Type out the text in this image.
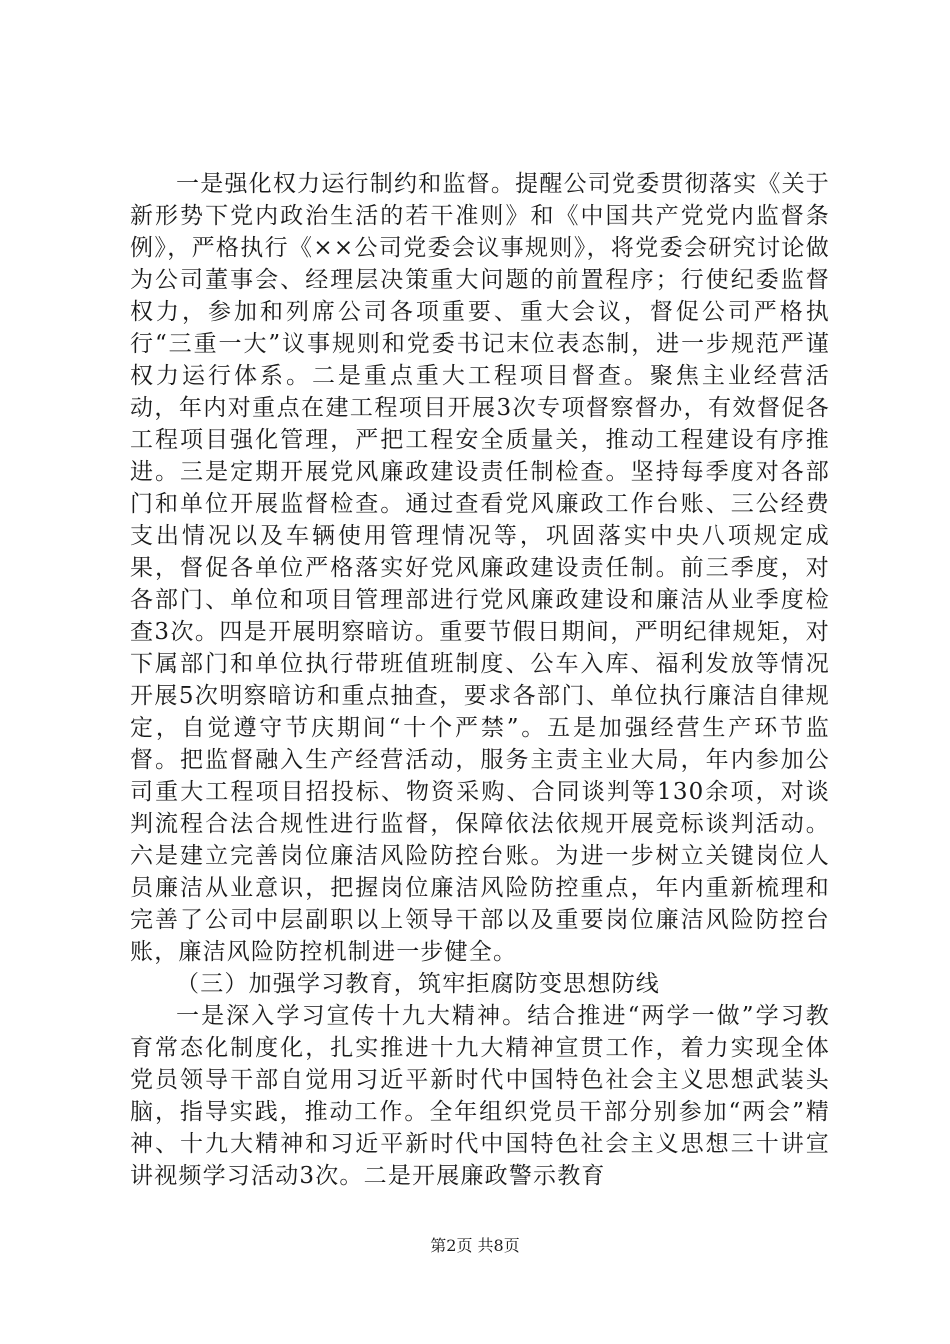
一是强化权力运行制约和监督。提醒公司党委贯彻落实《关于新形势下党内政治生活的若干准则》和《中国共产党党内监督条例》，严格执行《××公司党委会议事规则》，将党委会研究讨论做为公司董事会、经理层决策重大问题的前置程序；行使纪委监督权力，参加和列席公司各项重要、重大会议，督促公司严格执行“三重一大”议事规则和党委书记末位表态制，进一步规范严谨权力运行体系。二是重点重大工程项目督查。聚焦主业经营活动，年内对重点在建工程项目开展3次专项督察督办，有效督促各工程项目强化管理，严把工程安全质量关，推动工程建设有序推进。三是定期开展党风廉政建设责任制检查。坚持每季度对各部门和单位开展监督检查。通过查看党风廉政工作台账、三公经费支出情况以及车辆使用管理情况等，巩固落实中央八项规定成果，督促各单位严格落实好党风廉政建设责任制。前三季度，对各部门、单位和项目管理部进行党风廉政建设和廉洁从业季度检查3次。四是开展明察暗访。重要节假日期间，严明纪律规矩，对下属部门和单位执行带班值班制度、公车入库、福利发放等情况开展5次明察暗访和重点抽查，要求各部门、单位执行廉洁自律规定，自觉遵守节庆期间“十个严禁”。五是加强经营生产环节监督。把监督融入生产经营活动，服务主责主业大局，年内参加公司重大工程项目招投标、物资采购、合同谈判等130余项，对谈判流程合法合规性进行监督，保障依法依规开展竞标谈判活动。六是建立完善岗位廉洁风险防控台账。为进一步树立关键岗位人员廉洁从业意识，把握岗位廉洁风险防控重点，年内重新梳理和完善了公司中层副职以上领导干部以及重要岗位廉洁风险防控台账，廉洁风险防控机制进一步健全。

（三）加强学习教育，筑牢拒腐防变思想防线

一是深入学习宣传十九大精神。结合推进“两学一做”学习教育常态化制度化，扎实推进十九大精神宣贯工作，着力实现全体党员领导干部自觉用习近平新时代中国特色社会主义思想武装头脑，指导实践，推动工作。全年组织党员干部分别参加“两会”精神、十九大精神和习近平新时代中国特色社会主义思想三十讲宣讲视频学习活动3次。二是开展廉政警示教育

第2页 共8页
